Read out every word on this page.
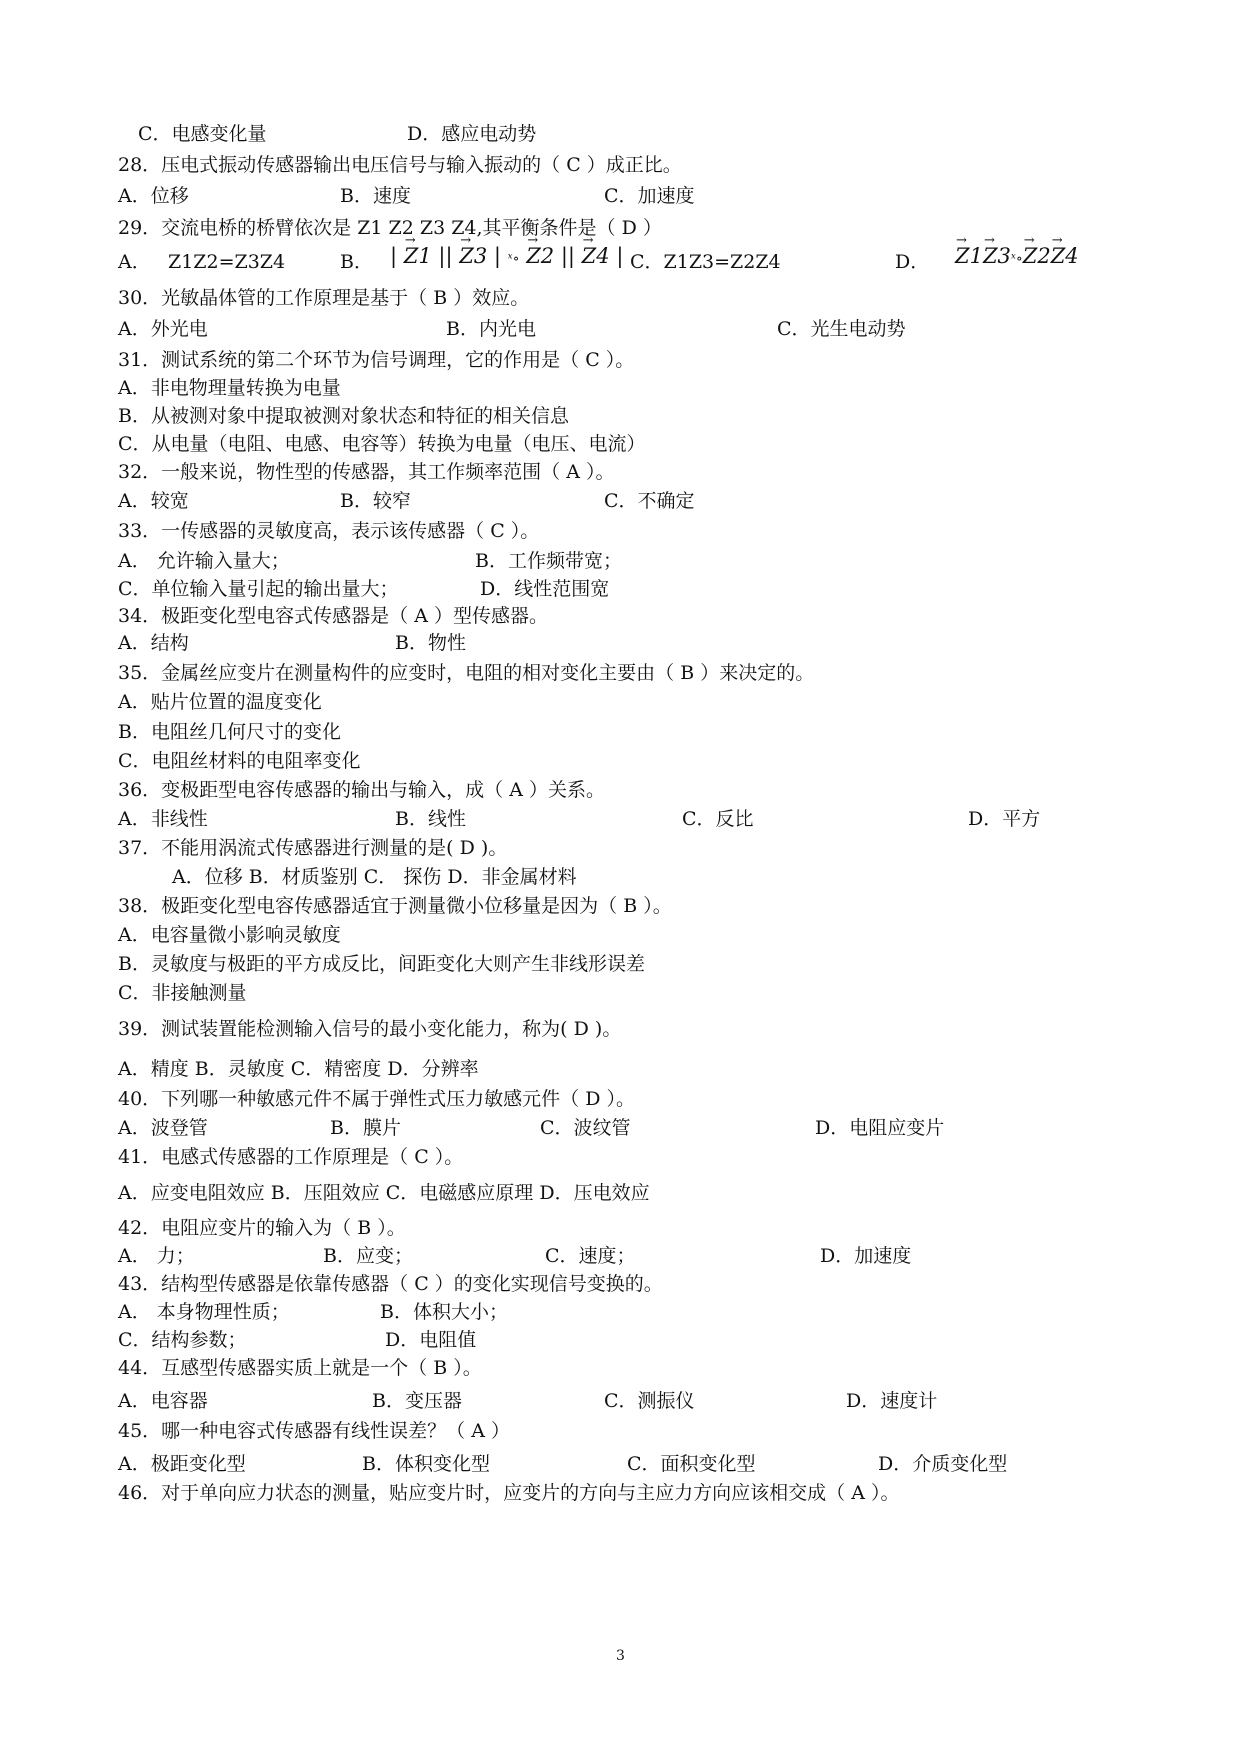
C．电感变化量	D．感应电动势
28．压电式振动传感器输出电压信号与输入振动的（ C ）成正比。
A．位移	B．速度	C．加速度
29．交流电桥的桥臂依次是 Z1 Z2 Z3 Z4,其平衡条件是（ D ）
30．光敏晶体管的工作原理是基于（ B ）效应。
A．外光电	B．内光电	C．光生电动势
31．测试系统的第二个环节为信号调理，它的作用是（ C ）。
A．非电物理量转换为电量
B．从被测对象中提取被测对象状态和特征的相关信息
C．从电量（电阻、电感、电容等）转换为电量（电压、电流）
32．一般来说，物性型的传感器，其工作频率范围（ A ）。
A．较宽	B．较窄	C．不确定
33．一传感器的灵敏度高，表示该传感器（ C ）。
A． 允许输入量大；	B．工作频带宽；
C．单位输入量引起的输出量大；	D．线性范围宽
34．极距变化型电容式传感器是（ A ）型传感器。
A．结构	B．物性
35．金属丝应变片在测量构件的应变时，电阻的相对变化主要由（ B ）来决定的。
A．贴片位置的温度变化
B．电阻丝几何尺寸的变化
C．电阻丝材料的电阻率变化
36．变极距型电容传感器的输出与输入，成（ A ）关系。
A．非线性	B．线性	C．反比	D．平方
37．不能用涡流式传感器进行测量的是( D )。
A．位移 B．材质鉴别 C． 探伤 D．非金属材料
38．极距变化型电容传感器适宜于测量微小位移量是因为（ B ）。
A．电容量微小影响灵敏度
B．灵敏度与极距的平方成反比，间距变化大则产生非线形误差
C．非接触测量
39．测试装置能检测输入信号的最小变化能力，称为( D )。
A．精度 B．灵敏度 C．精密度 D．分辨率
40．下列哪一种敏感元件不属于弹性式压力敏感元件（ D ）。
A．波登管	B．膜片	C．波纹管	D．电阻应变片
41．电感式传感器的工作原理是（ C ）。
A．应变电阻效应 B．压阻效应 C．电磁感应原理 D．压电效应
42．电阻应变片的输入为（ B ）。
A． 力；	B．应变；	C．速度；	D．加速度
43．结构型传感器是依靠传感器（ C ）的变化实现信号变换的。
A． 本身物理性质；	B．体积大小；
C．结构参数；	D．电阻值
44．互感型传感器实质上就是一个（ B ）。
A．电容器	B．变压器	C．测振仪	D．速度计
45．哪一种电容式传感器有线性误差？（ A ）
A．极距变化型	B．体积变化型	C．面积变化型	D．介质变化型
46．对于单向应力状态的测量，贴应变片时，应变片的方向与主应力方向应该相交成（ A ）。
A． Z1Z2=Z3Z4	B． | → Z1 || → Z3 | ˣ∘ → Z2 || → Z4 | C．Z1Z3=Z2Z4	D． → Z1→ Z3ˣ∘→ Z2→ Z4
3
